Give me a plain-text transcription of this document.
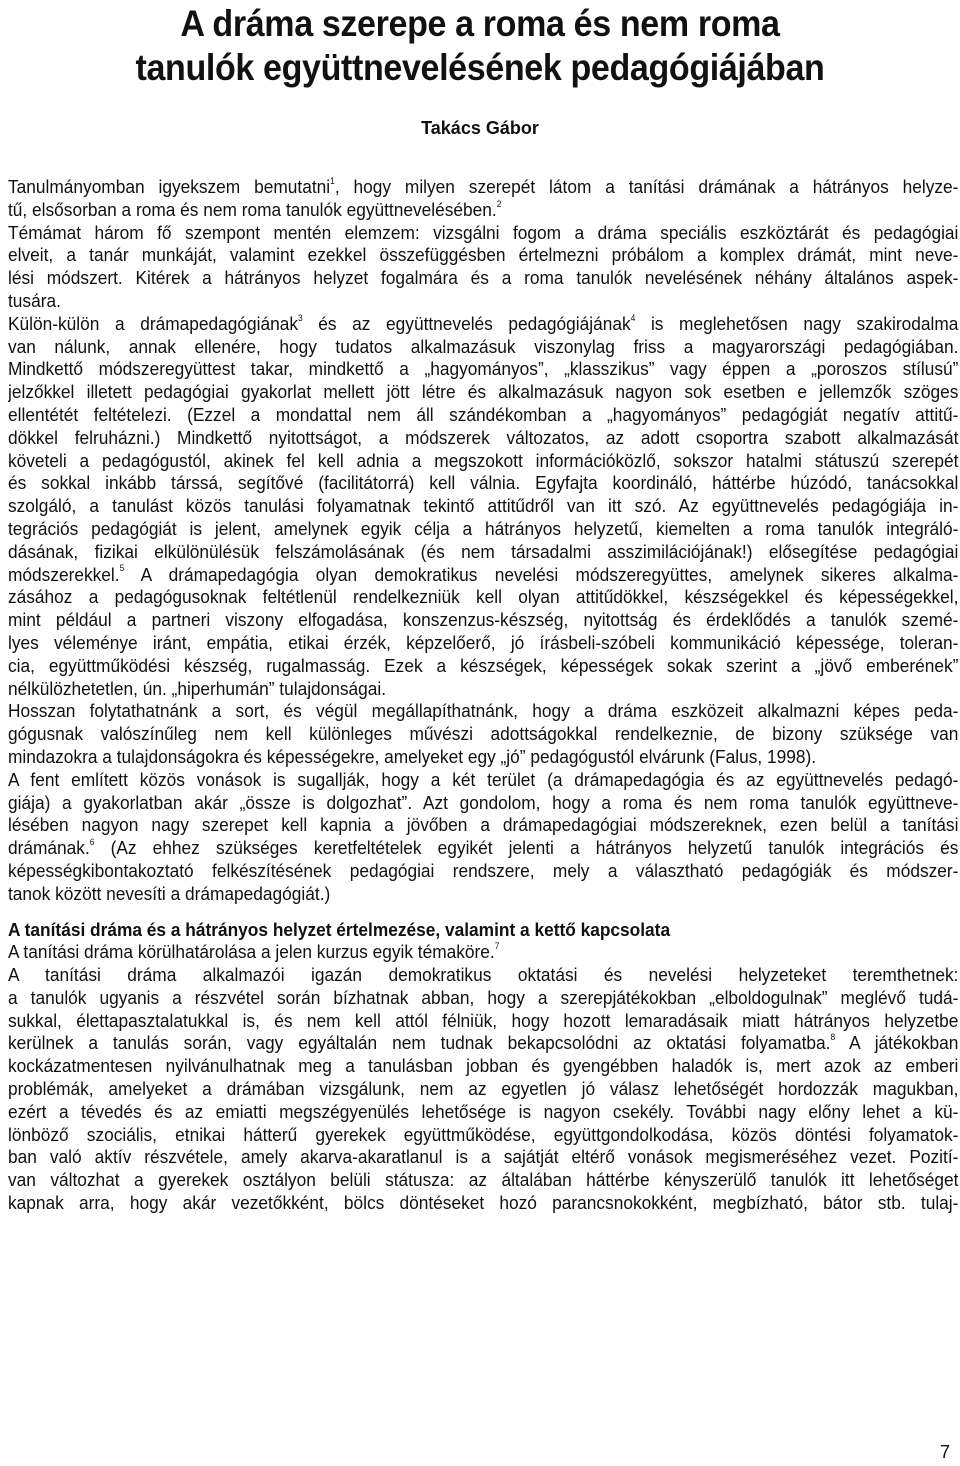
A dráma szerepe a roma és nem roma
tanulók együttnevelésének pedagógiájában
Takács Gábor
Tanulmányomban igyekszem bemutatni$^1$, hogy milyen szerepét látom a tanítási drámának a hátrányos helyze-
tű, elsősorban a roma és nem roma tanulók együttnevelésében.$^2$
Témámat három fő szempont mentén elemzem: vizsgálni fogom a dráma speciális eszköztárát és pedagógiai
elveit, a tanár munkáját, valamint ezekkel összefüggésben értelmezni próbálom a komplex drámát, mint neve-
lési módszert. Kitérek a hátrányos helyzet fogalmára és a roma tanulók nevelésének néhány általános aspek-
tusára.
Külön-külön a drámapedagógiának$^3$ és az együttnevelés pedagógiájának$^4$ is meglehetősen nagy szakirodalma
van nálunk, annak ellenére, hogy tudatos alkalmazásuk viszonylag friss a magyarországi pedagógiában.
Mindkettő módszeregyüttest takar, mindkettő a „hagyományos”, „klasszikus” vagy éppen a „poroszos stílusú”
jelzőkkel illetett pedagógiai gyakorlat mellett jött létre és alkalmazásuk nagyon sok esetben e jellemzők szöges
ellentétét feltételezi. (Ezzel a mondattal nem áll szándékomban a „hagyományos” pedagógiát negatív attitű-
dökkel felruházni.) Mindkettő nyitottságot, a módszerek változatos, az adott csoportra szabott alkalmazását
követeli a pedagógustól, akinek fel kell adnia a megszokott információközlő, sokszor hatalmi státuszú szerepét
és sokkal inkább társsá, segítővé (facilitátorrá) kell válnia. Egyfajta koordináló, háttérbe húzódó, tanácsokkal
szolgáló, a tanulást közös tanulási folyamatnak tekintő attitűdről van itt szó. Az együttnevelés pedagógiája in-
tegrációs pedagógiát is jelent, amelynek egyik célja a hátrányos helyzetű, kiemelten a roma tanulók integráló-
dásának, fizikai elkülönülésük felszámolásának (és nem társadalmi asszimilációjának!) elősegítése pedagógiai
módszerekkel.$^5$ A drámapedagógia olyan demokratikus nevelési módszeregyüttes, amelynek sikeres alkalma-
zásához a pedagógusoknak feltétlenül rendelkezniük kell olyan attitűdökkel, készségekkel és képességekkel,
mint például a partneri viszony elfogadása, konszenzus-készség, nyitottság és érdeklődés a tanulók szemé-
lyes véleménye iránt, empátia, etikai érzék, képzelőerő, jó írásbeli-szóbeli kommunikáció képessége, toleran-
cia, együttműködési készség, rugalmasság. Ezek a készségek, képességek sokak szerint a „jövő emberének”
nélkülözhetetlen, ún. „hiperhumán” tulajdonságai.
Hosszan folytathatnánk a sort, és végül megállapíthatnánk, hogy a dráma eszközeit alkalmazni képes peda-
gógusnak valószínűleg nem kell különleges művészi adottságokkal rendelkeznie, de bizony szüksége van
mindazokra a tulajdonságokra és képességekre, amelyeket egy „jó” pedagógustól elvárunk (Falus, 1998).
A fent említett közös vonások is sugallják, hogy a két terület (a drámapedagógia és az együttnevelés pedagó-
giája) a gyakorlatban akár „össze is dolgozhat”. Azt gondolom, hogy a roma és nem roma tanulók együttneve-
lésében nagyon nagy szerepet kell kapnia a jövőben a drámapedagógiai módszereknek, ezen belül a tanítási
drámának.$^6$ (Az ehhez szükséges keretfeltételek egyikét jelenti a hátrányos helyzetű tanulók integrációs és
képességkibontakoztató felkészítésének pedagógiai rendszere, mely a választható pedagógiák és módszer-
tanok között nevesíti a drámapedagógiát.)
A tanítási dráma és a hátrányos helyzet értelmezése, valamint a kettő kapcsolata
A tanítási dráma körülhatárolása a jelen kurzus egyik témaköre.$^7$
A tanítási dráma alkalmazói igazán demokratikus oktatási és nevelési helyzeteket teremthetnek:
a tanulók ugyanis a részvétel során bízhatnak abban, hogy a szerepjátékokban „elboldogulnak” meglévő tudá-
sukkal, élettapasztalatukkal is, és nem kell attól félniük, hogy hozott lemaradásaik miatt hátrányos helyzetbe
kerülnek a tanulás során, vagy egyáltalán nem tudnak bekapcsolódni az oktatási folyamatba.$^8$ A játékokban
kockázatmentesen nyilvánulhatnak meg a tanulásban jobban és gyengébben haladók is, mert azok az emberi
problémák, amelyeket a drámában vizsgálunk, nem az egyetlen jó válasz lehetőségét hordozzák magukban,
ezért a tévedés és az emiatti megszégyenülés lehetősége is nagyon csekély. További nagy előny lehet a kü-
lönböző szociális, etnikai hátterű gyerekek együttműködése, együttgondolkodása, közös döntési folyamatok-
ban való aktív részvétele, amely akarva-akaratlanul is a sajátját eltérő vonások megismeréséhez vezet. Pozití-
van változhat a gyerekek osztályon belüli státusza: az általában háttérbe kényszerülő tanulók itt lehetőséget
kapnak arra, hogy akár vezetőkként, bölcs döntéseket hozó parancsnokokként, megbízható, bátor stb. tulaj-
7
